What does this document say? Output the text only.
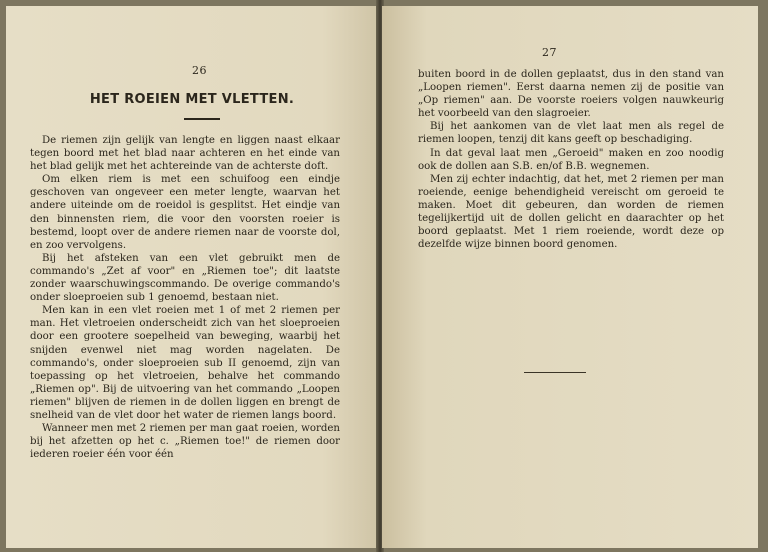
26
HET ROEIEN MET VLETTEN.

De riemen zijn gelijk van lengte en liggen naast elkaar tegen boord met het blad naar achteren en het einde van het blad gelijk met het achtereinde van de achterste doft.

Om elken riem is met een schuifoog een eindje geschoven van ongeveer een meter lengte, waarvan het andere uiteinde om de roeidol is gesplitst. Het eindje van den binnensten riem, die voor den voorsten roeier is bestemd, loopt over de andere riemen naar de voorste dol, en zoo vervolgens.

Bij het afsteken van een vlet gebruikt men de commando's „Zet af voor" en „Riemen toe"; dit laatste zonder waarschuwingscommando. De overige commando's onder sloeproeien sub 1 genoemd, bestaan niet.

Men kan in een vlet roeien met 1 of met 2 riemen per man. Het vletroeien onderscheidt zich van het sloeproeien door een grootere soepelheid van beweging, waarbij het snijden evenwel niet mag worden nagelaten. De commando's, onder sloeproeien sub II genoemd, zijn van toepassing op het vletroeien, behalve het commando „Riemen op". Bij de uitvoering van het commando „Loopen riemen" blijven de riemen in de dollen liggen en brengt de snelheid van de vlet door het water de riemen langs boord.

Wanneer men met 2 riemen per man gaat roeien, worden bij het afzetten op het c. „Riemen toe!" de riemen door iederen roeier één voor één

27

buiten boord in de dollen geplaatst, dus in den stand van „Loopen riemen". Eerst daarna nemen zij de positie van „Op riemen" aan. De voorste roeiers volgen nauwkeurig het voorbeeld van den slagroeier.

Bij het aankomen van de vlet laat men als regel de riemen loopen, tenzij dit kans geeft op beschadiging.

In dat geval laat men „Geroeid" maken en zoo noodig ook de dollen aan S.B. en/of B.B. wegnemen.

Men zij echter indachtig, dat het, met 2 riemen per man roeiende, eenige behendigheid vereischt om geroeid te maken. Moet dit gebeuren, dan worden de riemen tegelijkertijd uit de dollen gelicht en daarachter op het boord geplaatst. Met 1 riem roeiende, wordt deze op dezelfde wijze binnen boord genomen.
